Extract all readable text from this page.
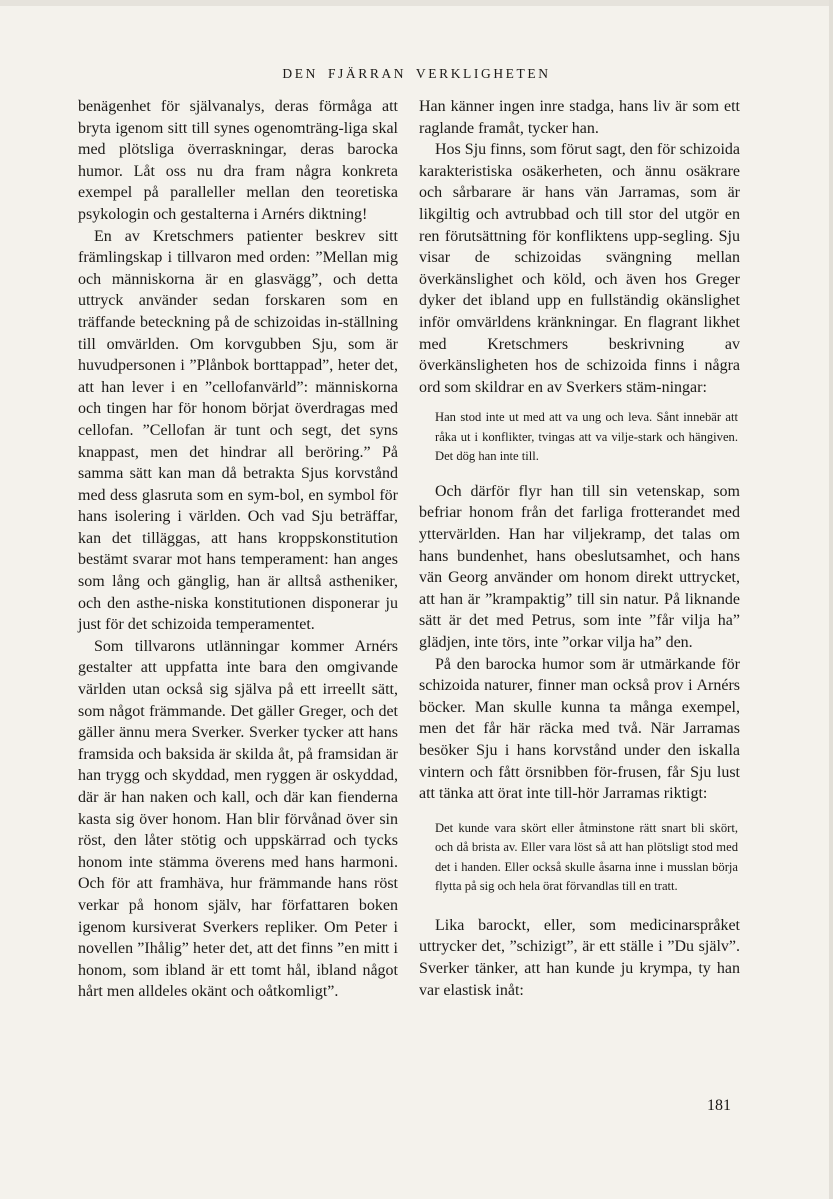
DEN FJÄRRAN VERKLIGHETEN

benägenhet för självanalys, deras förmåga att bryta igenom sitt till synes ogenomträng-liga skal med plötsliga överraskningar, deras barocka humor. Låt oss nu dra fram några konkreta exempel på paralleller mellan den teoretiska psykologin och gestalterna i Arnérs diktning!

En av Kretschmers patienter beskrev sitt främlingskap i tillvaron med orden: ”Mellan mig och människorna är en glasvägg”, och detta uttryck använder sedan forskaren som en träffande beteckning på de schizoidas in-ställning till omvärlden. Om korvgubben Sju, som är huvudpersonen i ”Plånbok borttappad”, heter det, att han lever i en ”cellofanvärld”: människorna och tingen har för honom börjat överdragas med cellofan. ”Cellofan är tunt och segt, det syns knappast, men det hindrar all beröring.” På samma sätt kan man då betrakta Sjus korvstånd med dess glasruta som en sym-bol, en symbol för hans isolering i världen. Och vad Sju beträffar, kan det tilläggas, att hans kroppskonstitution bestämt svarar mot hans temperament: han anges som lång och gänglig, han är alltså astheniker, och den asthe-niska konstitutionen disponerar ju just för det schizoida temperamentet.

Som tillvarons utlänningar kommer Arnérs gestalter att uppfatta inte bara den omgivande världen utan också sig själva på ett irreellt sätt, som något främmande. Det gäller Greger, och det gäller ännu mera Sverker. Sverker tycker att hans framsida och baksida är skilda åt, på framsidan är han trygg och skyddad, men ryggen är oskyddad, där är han naken och kall, och där kan fienderna kasta sig över honom. Han blir förvånad över sin röst, den låter stötig och uppskärrad och tycks honom inte stämma överens med hans harmoni. Och för att framhäva, hur främmande hans röst verkar på honom själv, har författaren boken igenom kursiverat Sverkers repliker. Om Peter i novellen ”Ihålig” heter det, att det finns ”en mitt i honom, som ibland är ett tomt hål, ibland något hårt men alldeles okänt och oåtkomligt”.

Han känner ingen inre stadga, hans liv är som ett raglande framåt, tycker han.

Hos Sju finns, som förut sagt, den för schizoida karakteristiska osäkerheten, och ännu osäkrare och sårbarare är hans vän Jarramas, som är likgiltig och avtrubbad och till stor del utgör en ren förutsättning för konfliktens upp-segling. Sju visar de schizoidas svängning mellan överkänslighet och köld, och även hos Greger dyker det ibland upp en fullständig okänslighet inför omvärldens kränkningar. En flagrant likhet med Kretschmers beskrivning av överkänsligheten hos de schizoida finns i några ord som skildrar en av Sverkers stäm-ningar:

Han stod inte ut med att va ung och leva. Sånt innebär att råka ut i konflikter, tvingas att va vilje-stark och hängiven. Det dög han inte till.

Och därför flyr han till sin vetenskap, som befriar honom från det farliga frotterandet med yttervärlden. Han har viljekramp, det talas om hans bundenhet, hans obeslutsamhet, och hans vän Georg använder om honom direkt uttrycket, att han är ”krampaktig” till sin natur. På liknande sätt är det med Petrus, som inte ”får vilja ha” glädjen, inte törs, inte ”orkar vilja ha” den.

På den barocka humor som är utmärkande för schizoida naturer, finner man också prov i Arnérs böcker. Man skulle kunna ta många exempel, men det får här räcka med två. När Jarramas besöker Sju i hans korvstånd under den iskalla vintern och fått örsnibben för-frusen, får Sju lust att tänka att örat inte till-hör Jarramas riktigt:

Det kunde vara skört eller åtminstone rätt snart bli skört, och då brista av. Eller vara löst så att han plötsligt stod med det i handen. Eller också skulle åsarna inne i musslan börja flytta på sig och hela örat förvandlas till en tratt.

Lika barockt, eller, som medicinarspråket uttrycker det, ”schizigt”, är ett ställe i ”Du själv”. Sverker tänker, att han kunde ju krympa, ty han var elastisk inåt:

181
